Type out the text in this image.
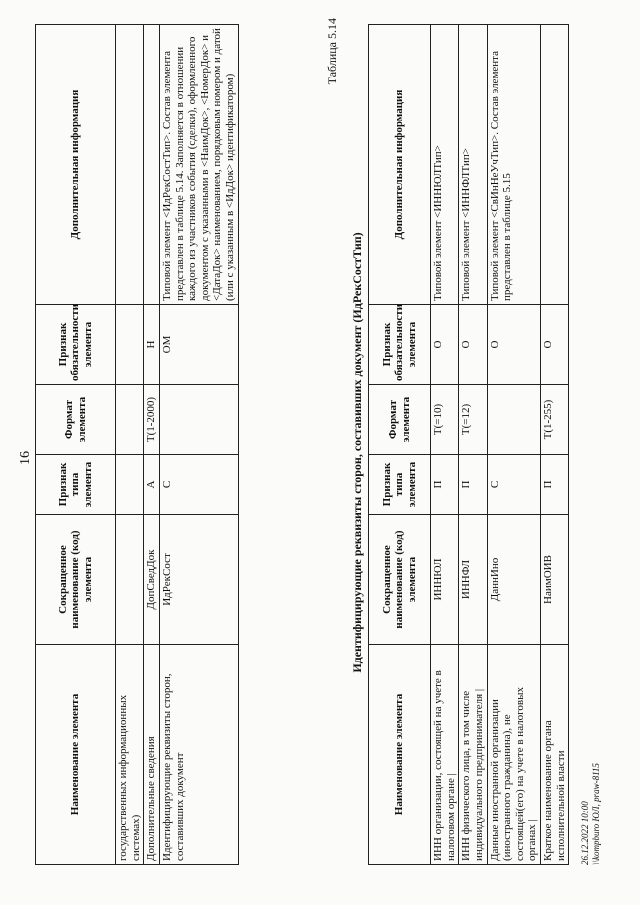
16
Наименование элемента	Сокращенное наименование (код) элемента	Признак типа элемента	Формат элемента	Признак обязательности элемента	Дополнительная информация
государственных информационных системах)					
Дополнительные сведения	ДопСведДок	А	Т(1-2000)	Н	
Идентифицирующие реквизиты сторон, составивших документ	ИдРекСост	С		ОМ	Типовой элемент <ИдРекСостТип>. Состав элемента представлен в таблице 5.14. Заполняется в отношении каждого из участников события (сделки), оформленного документом с указанными в <НаимДок>, <НомерДок> и <ДатаДок> наименованием, порядковым номером и датой (или с указанным в <ИдДок> идентификатором)
Таблица 5.14
Идентифицирующие реквизиты сторон, составивших документ (ИдРекСостТип)
Наименование элемента	Сокращенное наименование (код) элемента	Признак типа элемента	Формат элемента	Признак обязательности элемента	Дополнительная информация
ИНН организации, состоящей на учете в налоговом органе |	ИННЮЛ	П	Т(=10)	О	Типовой элемент <ИННЮЛТип>
ИНН физического лица, в том числе индивидуального предпринимателя |	ИННФЛ	П	Т(=12)	О	Типовой элемент <ИННФЛТип>
Данные иностранной организации (иностранного гражданина), не состоящей(его) на учете в налоговых органах |	ДаннИно	С		О	Типовой элемент <СвИнНеУчТип>. Состав элемента представлен в таблице 5.15
Краткое наименование органа исполнительной власти	НаимОИВ	П	Т(1-255)	О	
26.12.2022 10:00 \\kompburo ЮЛ, praw-8115
